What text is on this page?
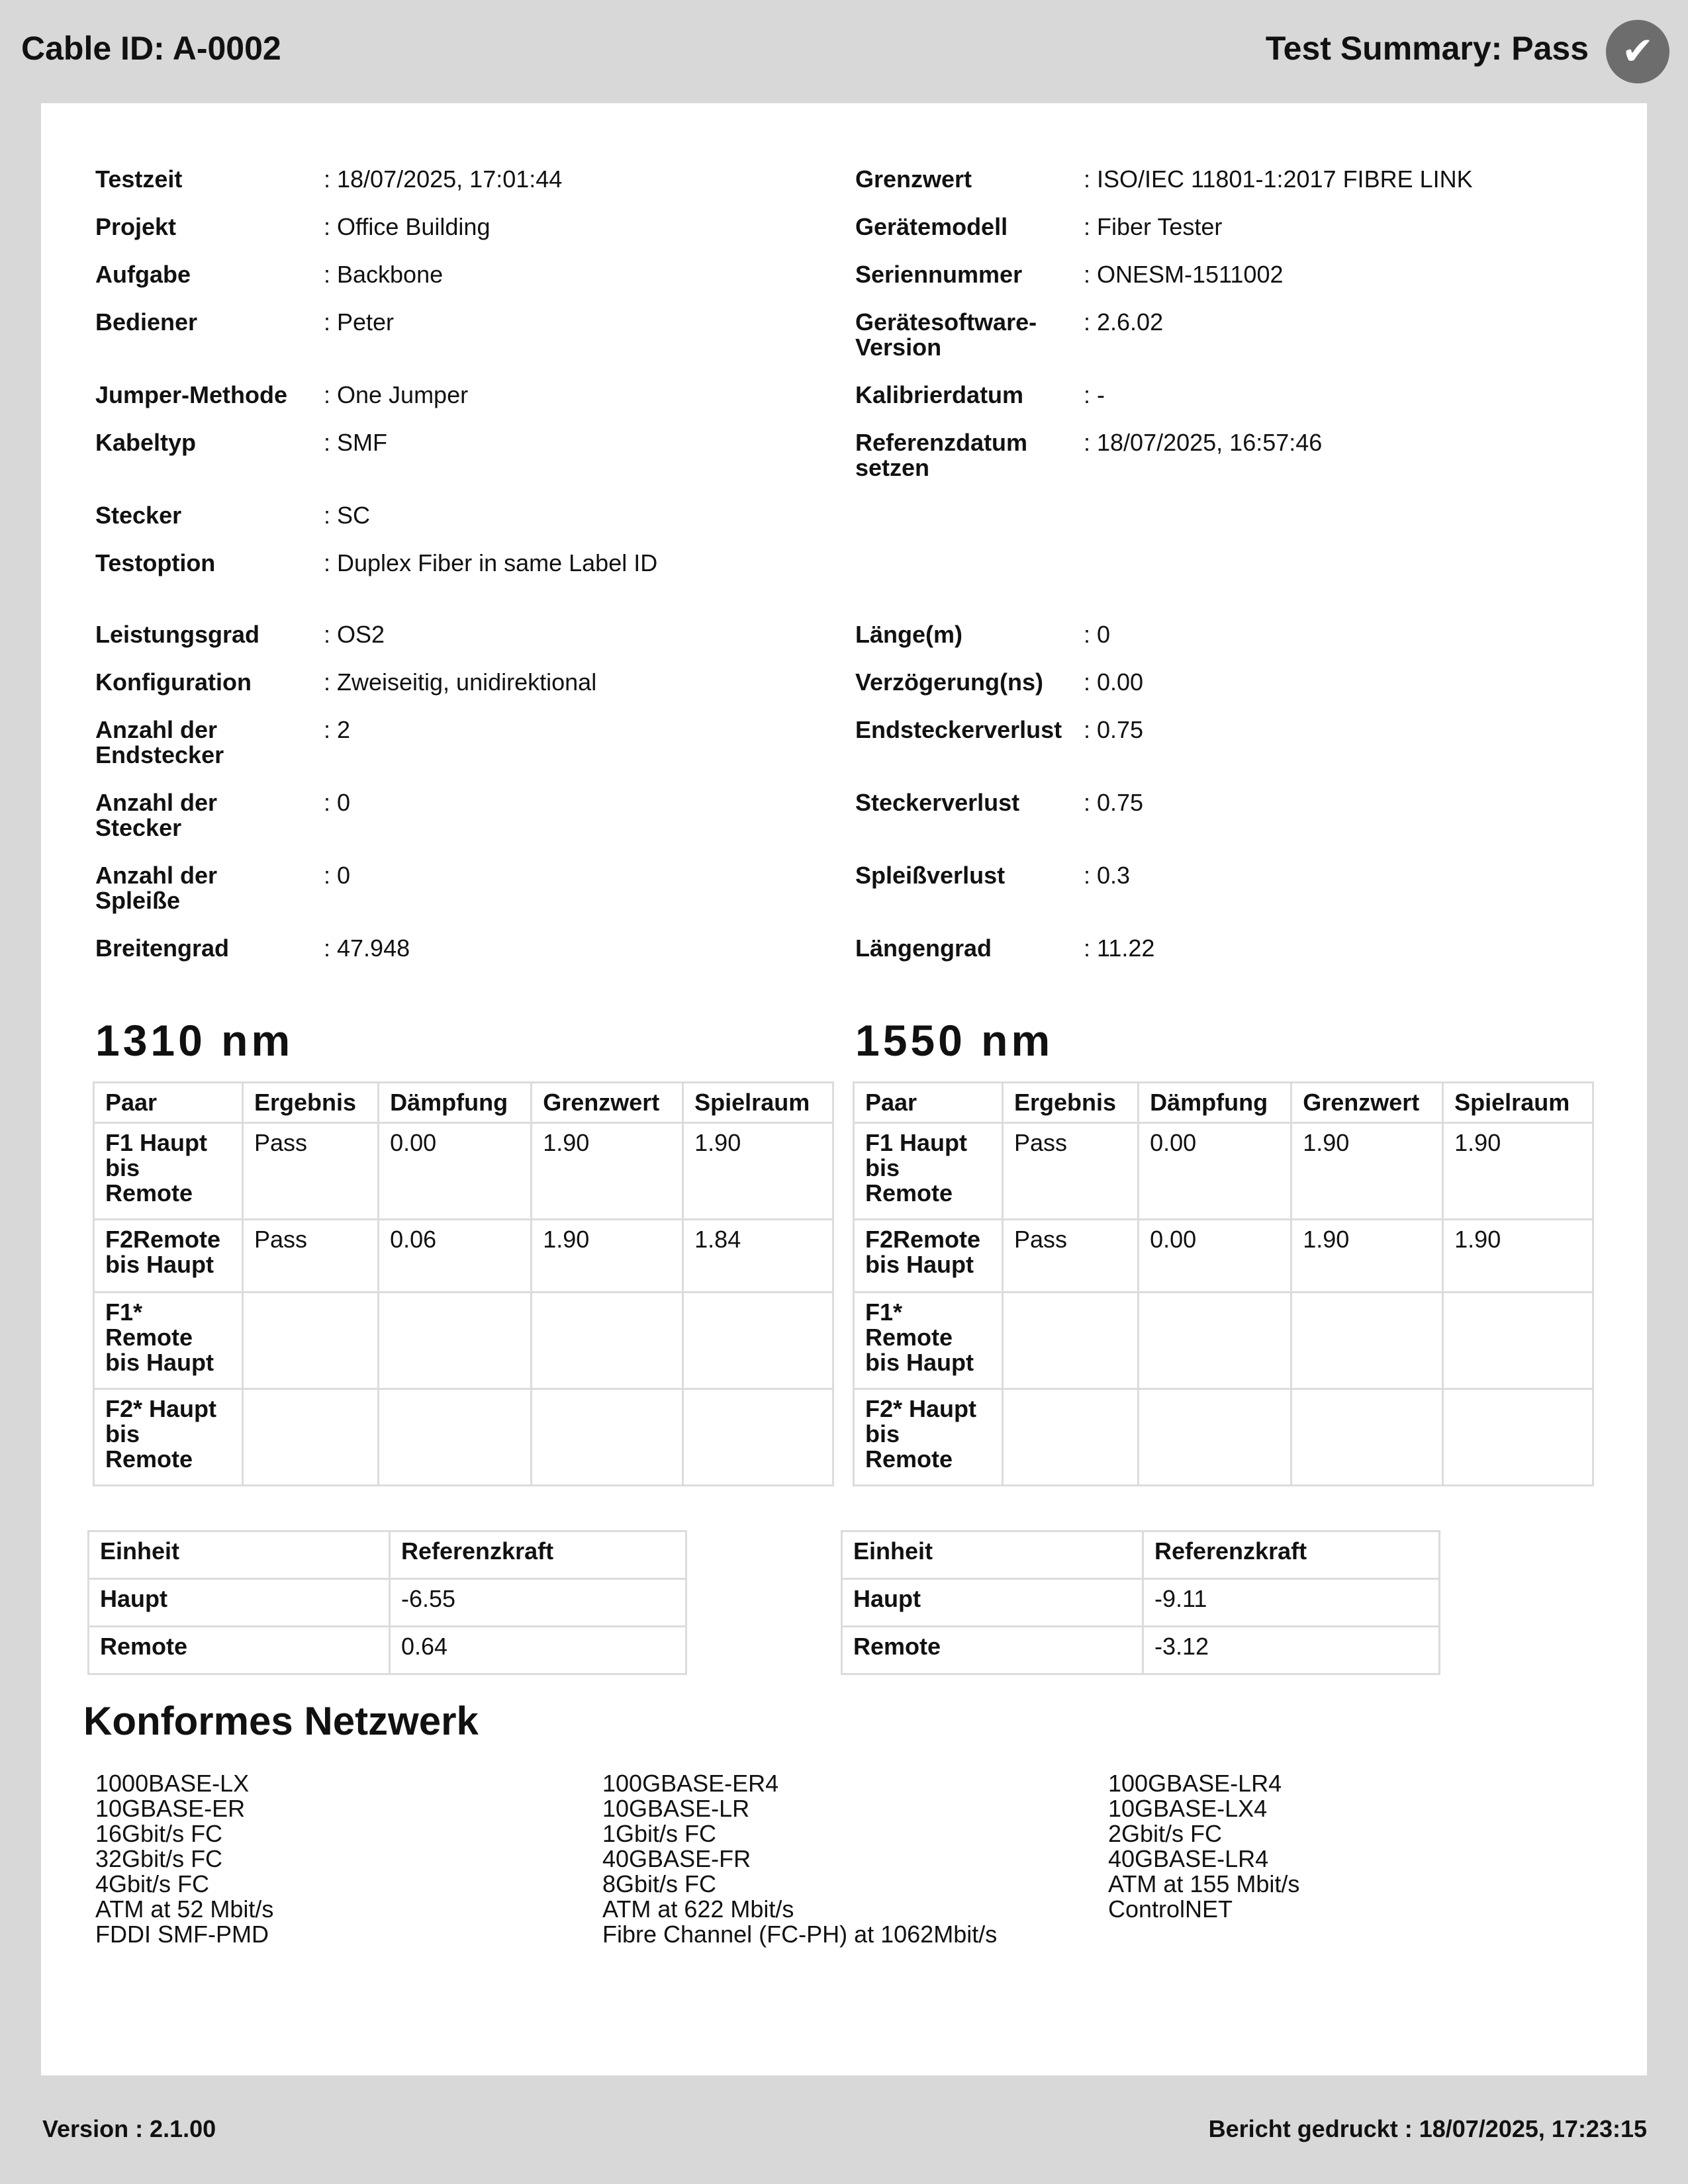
Cable ID: A-0002	Test Summary: Pass ✔
Testzeit	: 18/07/2025, 17:01:44
Projekt	: Office Building
Aufgabe	: Backbone
Bediener	: Peter
Jumper-Methode	: One Jumper
Kabeltyp	: SMF
Stecker	: SC
Testoption	: Duplex Fiber in same Label ID
Leistungsgrad	: OS2
Konfiguration	: Zweiseitig, unidirektional
Anzahl der Endstecker
: 2
Anzahl der Stecker
: 0
Anzahl der Spleiße
: 0
Breitengrad	: 47.948
Grenzwert	: ISO/IEC 11801-1:2017 FIBRE LINK
Gerätemodell	: Fiber Tester
Seriennummer	: ONESM-1511002
Gerätesoftware-Version
: 2.6.02
Kalibrierdatum	: -
Referenzdatum setzen
: 18/07/2025, 16:57:46
Länge(m)	: 0
Verzögerung(ns)	: 0.00
Endsteckerverlust : 0.75
Steckerverlust	: 0.75
Spleißverlust	: 0.3
Längengrad	: 11.22
1310 nm
Paar	Ergebnis	Dämpfung	Grenzwert	Spielraum
F1 Haupt bis Remote	Pass	0.00	1.90	1.90
F2Remote bis Haupt	Pass	0.06	1.90	1.84
F1* Remote bis Haupt				
F2* Haupt bis Remote				
1550 nm
Paar	Ergebnis	Dämpfung	Grenzwert	Spielraum
F1 Haupt bis Remote	Pass	0.00	1.90	1.90
F2Remote bis Haupt	Pass	0.00	1.90	1.90
F1* Remote bis Haupt				
F2* Haupt bis Remote				
Einheit	Referenzkraft
Haupt	-6.55
Remote	0.64
Einheit	Referenzkraft
Haupt	-9.11
Remote	-3.12
Konformes Netzwerk
1000BASE-LX
10GBASE-ER
16Gbit/s FC
32Gbit/s FC
4Gbit/s FC
ATM at 52 Mbit/s
FDDI SMF-PMD
100GBASE-ER4
10GBASE-LR
1Gbit/s FC
40GBASE-FR
8Gbit/s FC
ATM at 622 Mbit/s
Fibre Channel (FC-PH) at 1062Mbit/s
100GBASE-LR4
10GBASE-LX4
2Gbit/s FC
40GBASE-LR4
ATM at 155 Mbit/s
ControlNET
Version : 2.1.00	Bericht gedruckt : 18/07/2025, 17:23:15
